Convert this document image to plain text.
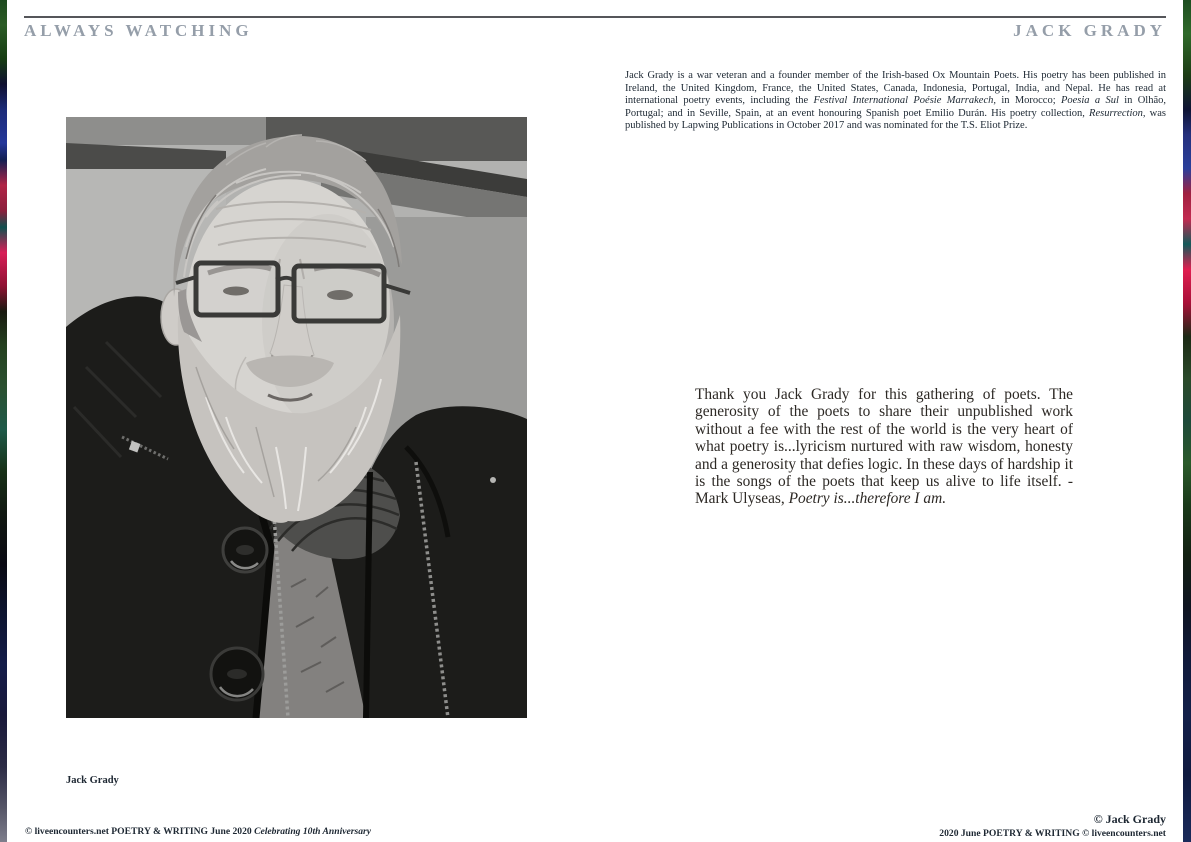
ALWAYS WATCHING	JACK GRADY
Jack Grady is a war veteran and a founder member of the Irish-based Ox Mountain Poets. His poetry has been published in Ireland, the United Kingdom, France, the United States, Canada, Indonesia, Portugal, India, and Nepal. He has read at international poetry events, including the Festival International Poésie Marrakech, in Morocco; Poesia a Sul in Olhão, Portugal; and in Seville, Spain, at an event honouring Spanish poet Emilio Durán. His poetry collection, Resurrection, was published by Lapwing Publications in October 2017 and was nominated for the T.S. Eliot Prize.
Jack Grady
Thank you Jack Grady for this gathering of poets. The generosity of the poets to share their unpublished work without a fee with the rest of the world is the very heart of what poetry is...lyricism nurtured with raw wisdom, honesty and a generosity that defies logic. In these days of hardship it is the songs of the poets that keep us alive to life itself. - Mark Ulyseas, Poetry is...therefore I am.
© liveencounters.net POETRY & WRITING June 2020 Celebrating 10th Anniversary
© Jack Grady
2020 June POETRY & WRITING © liveencounters.net
